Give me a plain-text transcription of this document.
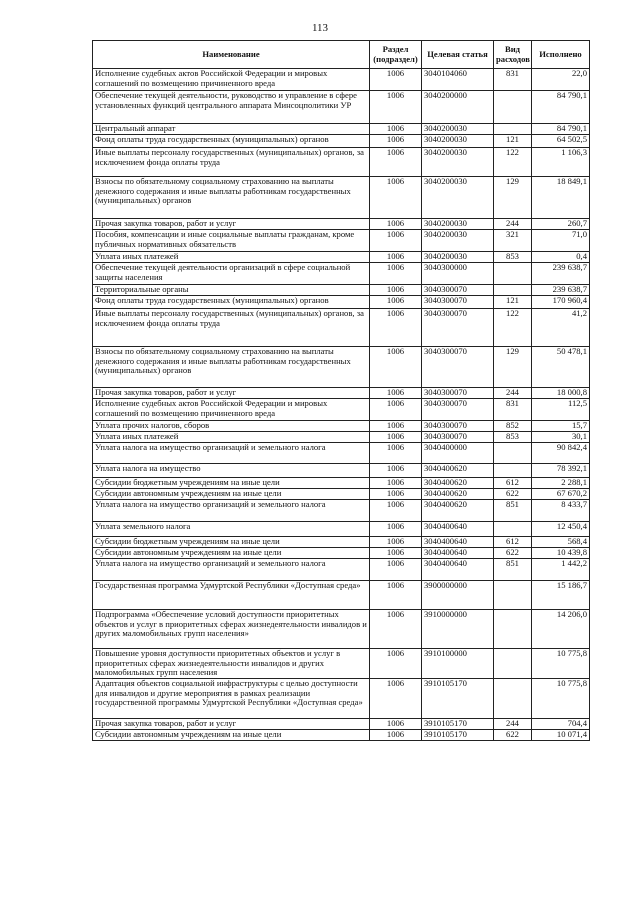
113
Наименование	Раздел (подраздел)	Целевая статья	Вид расходов	Исполнено
Исполнение судебных актов Российской Федерации и мировых соглашений по возмещению причиненного вреда	1006	3040104060	831	22,0
Обеспечение текущей деятельности, руководство и управление в сфере установленных функций центрального аппарата Минсоцполитики УР	1006	3040200000		84 790,1
Центральный аппарат	1006	3040200030		84 790,1
Фонд оплаты труда государственных (муниципальных) органов	1006	3040200030	121	64 502,5
Иные выплаты персоналу государственных (муниципальных) органов, за исключением фонда оплаты труда	1006	3040200030	122	1 106,3
Взносы по обязательному социальному страхованию на выплаты денежного содержания и иные выплаты работникам государственных (муниципальных) органов	1006	3040200030	129	18 849,1
Прочая закупка товаров, работ и услуг	1006	3040200030	244	260,7
Пособия, компенсации и иные социальные выплаты гражданам, кроме публичных нормативных обязательств	1006	3040200030	321	71,0
Уплата иных платежей	1006	3040200030	853	0,4
Обеспечение текущей деятельности организаций в сфере социальной защиты населения	1006	3040300000		239 638,7
Территориальные органы	1006	3040300070		239 638,7
Фонд оплаты труда государственных (муниципальных) органов	1006	3040300070	121	170 960,4
Иные выплаты персоналу государственных (муниципальных) органов, за исключением фонда оплаты труда	1006	3040300070	122	41,2
Взносы по обязательному социальному страхованию на выплаты денежного содержания и иные выплаты работникам государственных (муниципальных) органов	1006	3040300070	129	50 478,1
Прочая закупка товаров, работ и услуг	1006	3040300070	244	18 000,8
Исполнение судебных актов Российской Федерации и мировых соглашений по возмещению причиненного вреда	1006	3040300070	831	112,5
Уплата прочих налогов, сборов	1006	3040300070	852	15,7
Уплата иных платежей	1006	3040300070	853	30,1
Уплата налога на имущество организаций и земельного налога	1006	3040400000		90 842,4
Уплата налога на имущество	1006	3040400620		78 392,1
Субсидии бюджетным учреждениям на иные цели	1006	3040400620	612	2 288,1
Субсидии автономным учреждениям на иные цели	1006	3040400620	622	67 670,2
Уплата налога на имущество организаций и земельного налога	1006	3040400620	851	8 433,7
Уплата земельного налога	1006	3040400640		12 450,4
Субсидии бюджетным учреждениям на иные цели	1006	3040400640	612	568,4
Субсидии автономным учреждениям на иные цели	1006	3040400640	622	10 439,8
Уплата налога на имущество организаций и земельного налога	1006	3040400640	851	1 442,2
Государственная программа Удмуртской Республики «Доступная среда»	1006	3900000000		15 186,7
Подпрограмма «Обеспечение условий доступности приоритетных объектов и услуг в приоритетных сферах жизнедеятельности инвалидов и других маломобильных групп населения»	1006	3910000000		14 206,0
Повышение уровня доступности приоритетных объектов и услуг в приоритетных сферах жизнедеятельности инвалидов и других маломобильных групп населения	1006	3910100000		10 775,8
Адаптация объектов социальной инфраструктуры с целью доступности для инвалидов и другие мероприятия в рамках реализации государственной программы Удмуртской Республики «Доступная среда»	1006	3910105170		10 775,8
Прочая закупка товаров, работ и услуг	1006	3910105170	244	704,4
Субсидии автономным учреждениям на иные цели	1006	3910105170	622	10 071,4
